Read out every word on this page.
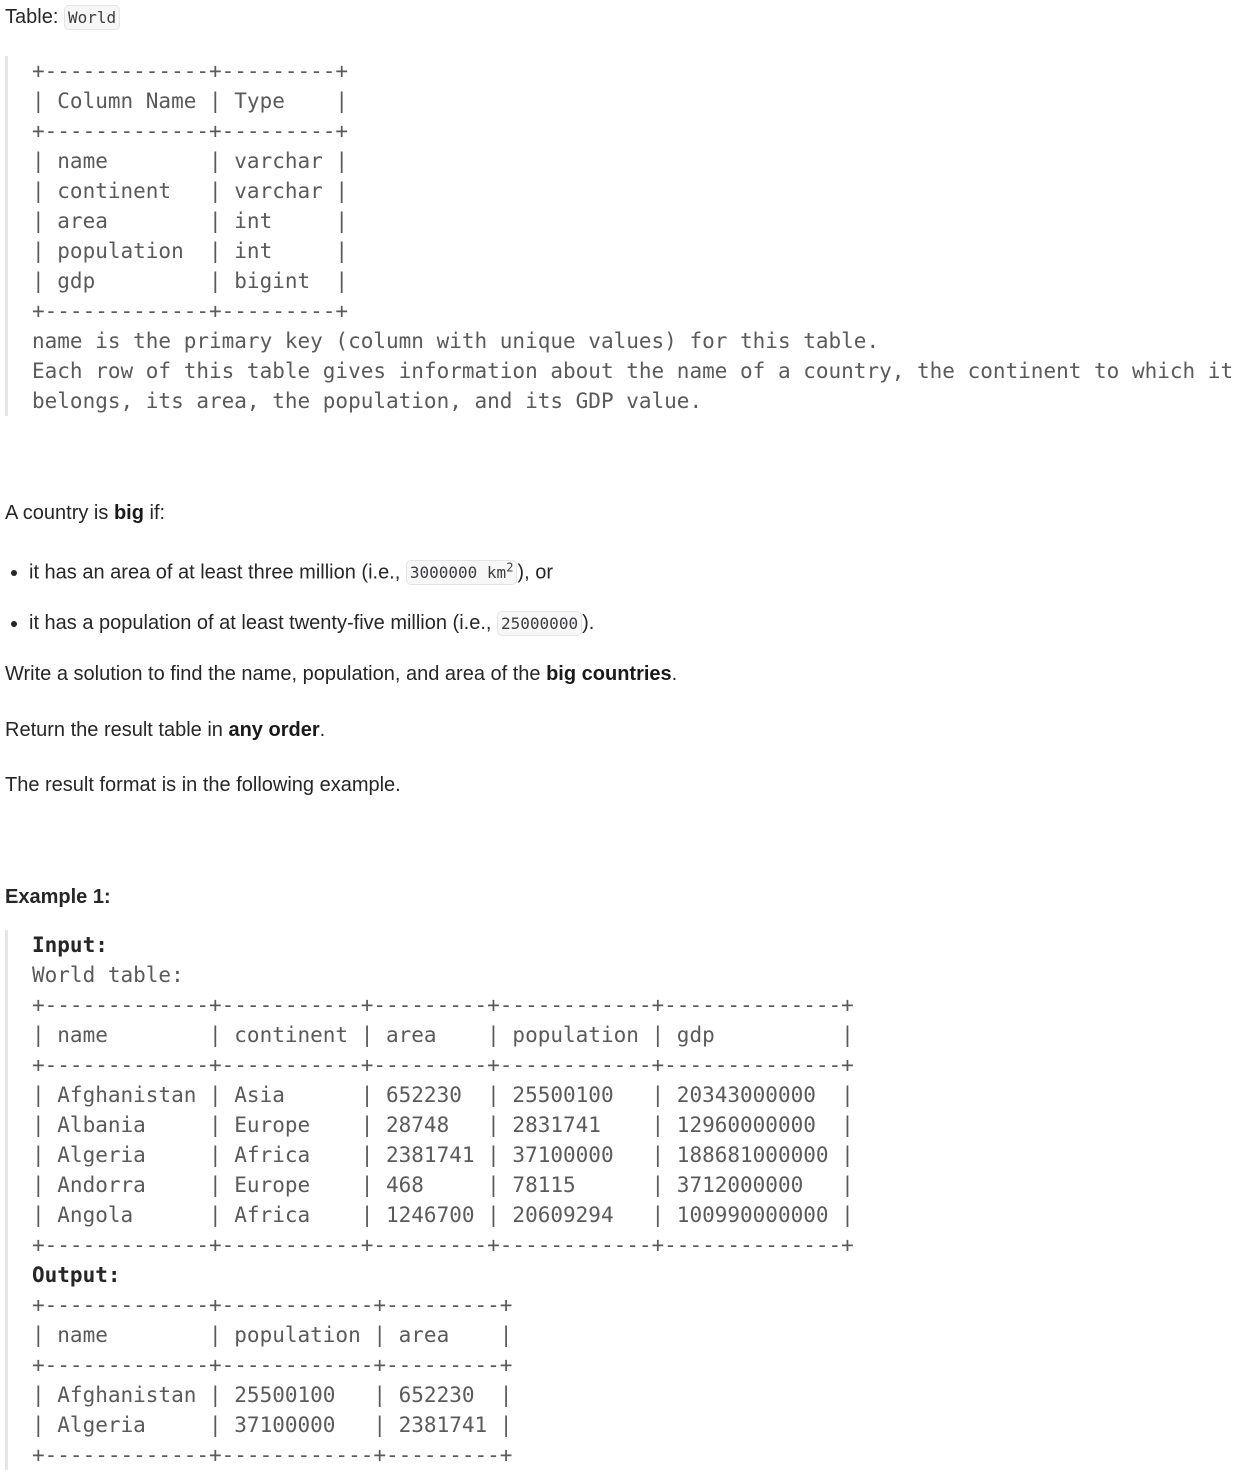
Table: World

+-------------+---------+
| Column Name | Type    |
+-------------+---------+
| name        | varchar |
| continent   | varchar |
| area        | int     |
| population  | int     |
| gdp         | bigint  |
+-------------+---------+
name is the primary key (column with unique values) for this table.
Each row of this table gives information about the name of a country, the continent to which it
belongs, its area, the population, and its GDP value.

A country is big if:

• it has an area of at least three million (i.e., 3000000 $km^2$ ), or
• it has a population of at least twenty-five million (i.e., 25000000 ).

Write a solution to find the name, population, and area of the big countries.

Return the result table in any order.

The result format is in the following example.

Example 1:

Input:
World table:
+-------------+-----------+---------+------------+--------------+
| name        | continent | area    | population | gdp          |
+-------------+-----------+---------+------------+--------------+
| Afghanistan | Asia      | 652230  | 25500100   | 20343000000  |
| Albania     | Europe    | 28748   | 2831741    | 12960000000  |
| Algeria     | Africa    | 2381741 | 37100000   | 188681000000 |
| Andorra     | Europe    | 468     | 78115      | 3712000000   |
| Angola      | Africa    | 1246700 | 20609294   | 100990000000 |
+-------------+-----------+---------+------------+--------------+
Output:
+-------------+------------+---------+
| name        | population | area    |
+-------------+------------+---------+
| Afghanistan | 25500100   | 652230  |
| Algeria     | 37100000   | 2381741 |
+-------------+------------+---------+
